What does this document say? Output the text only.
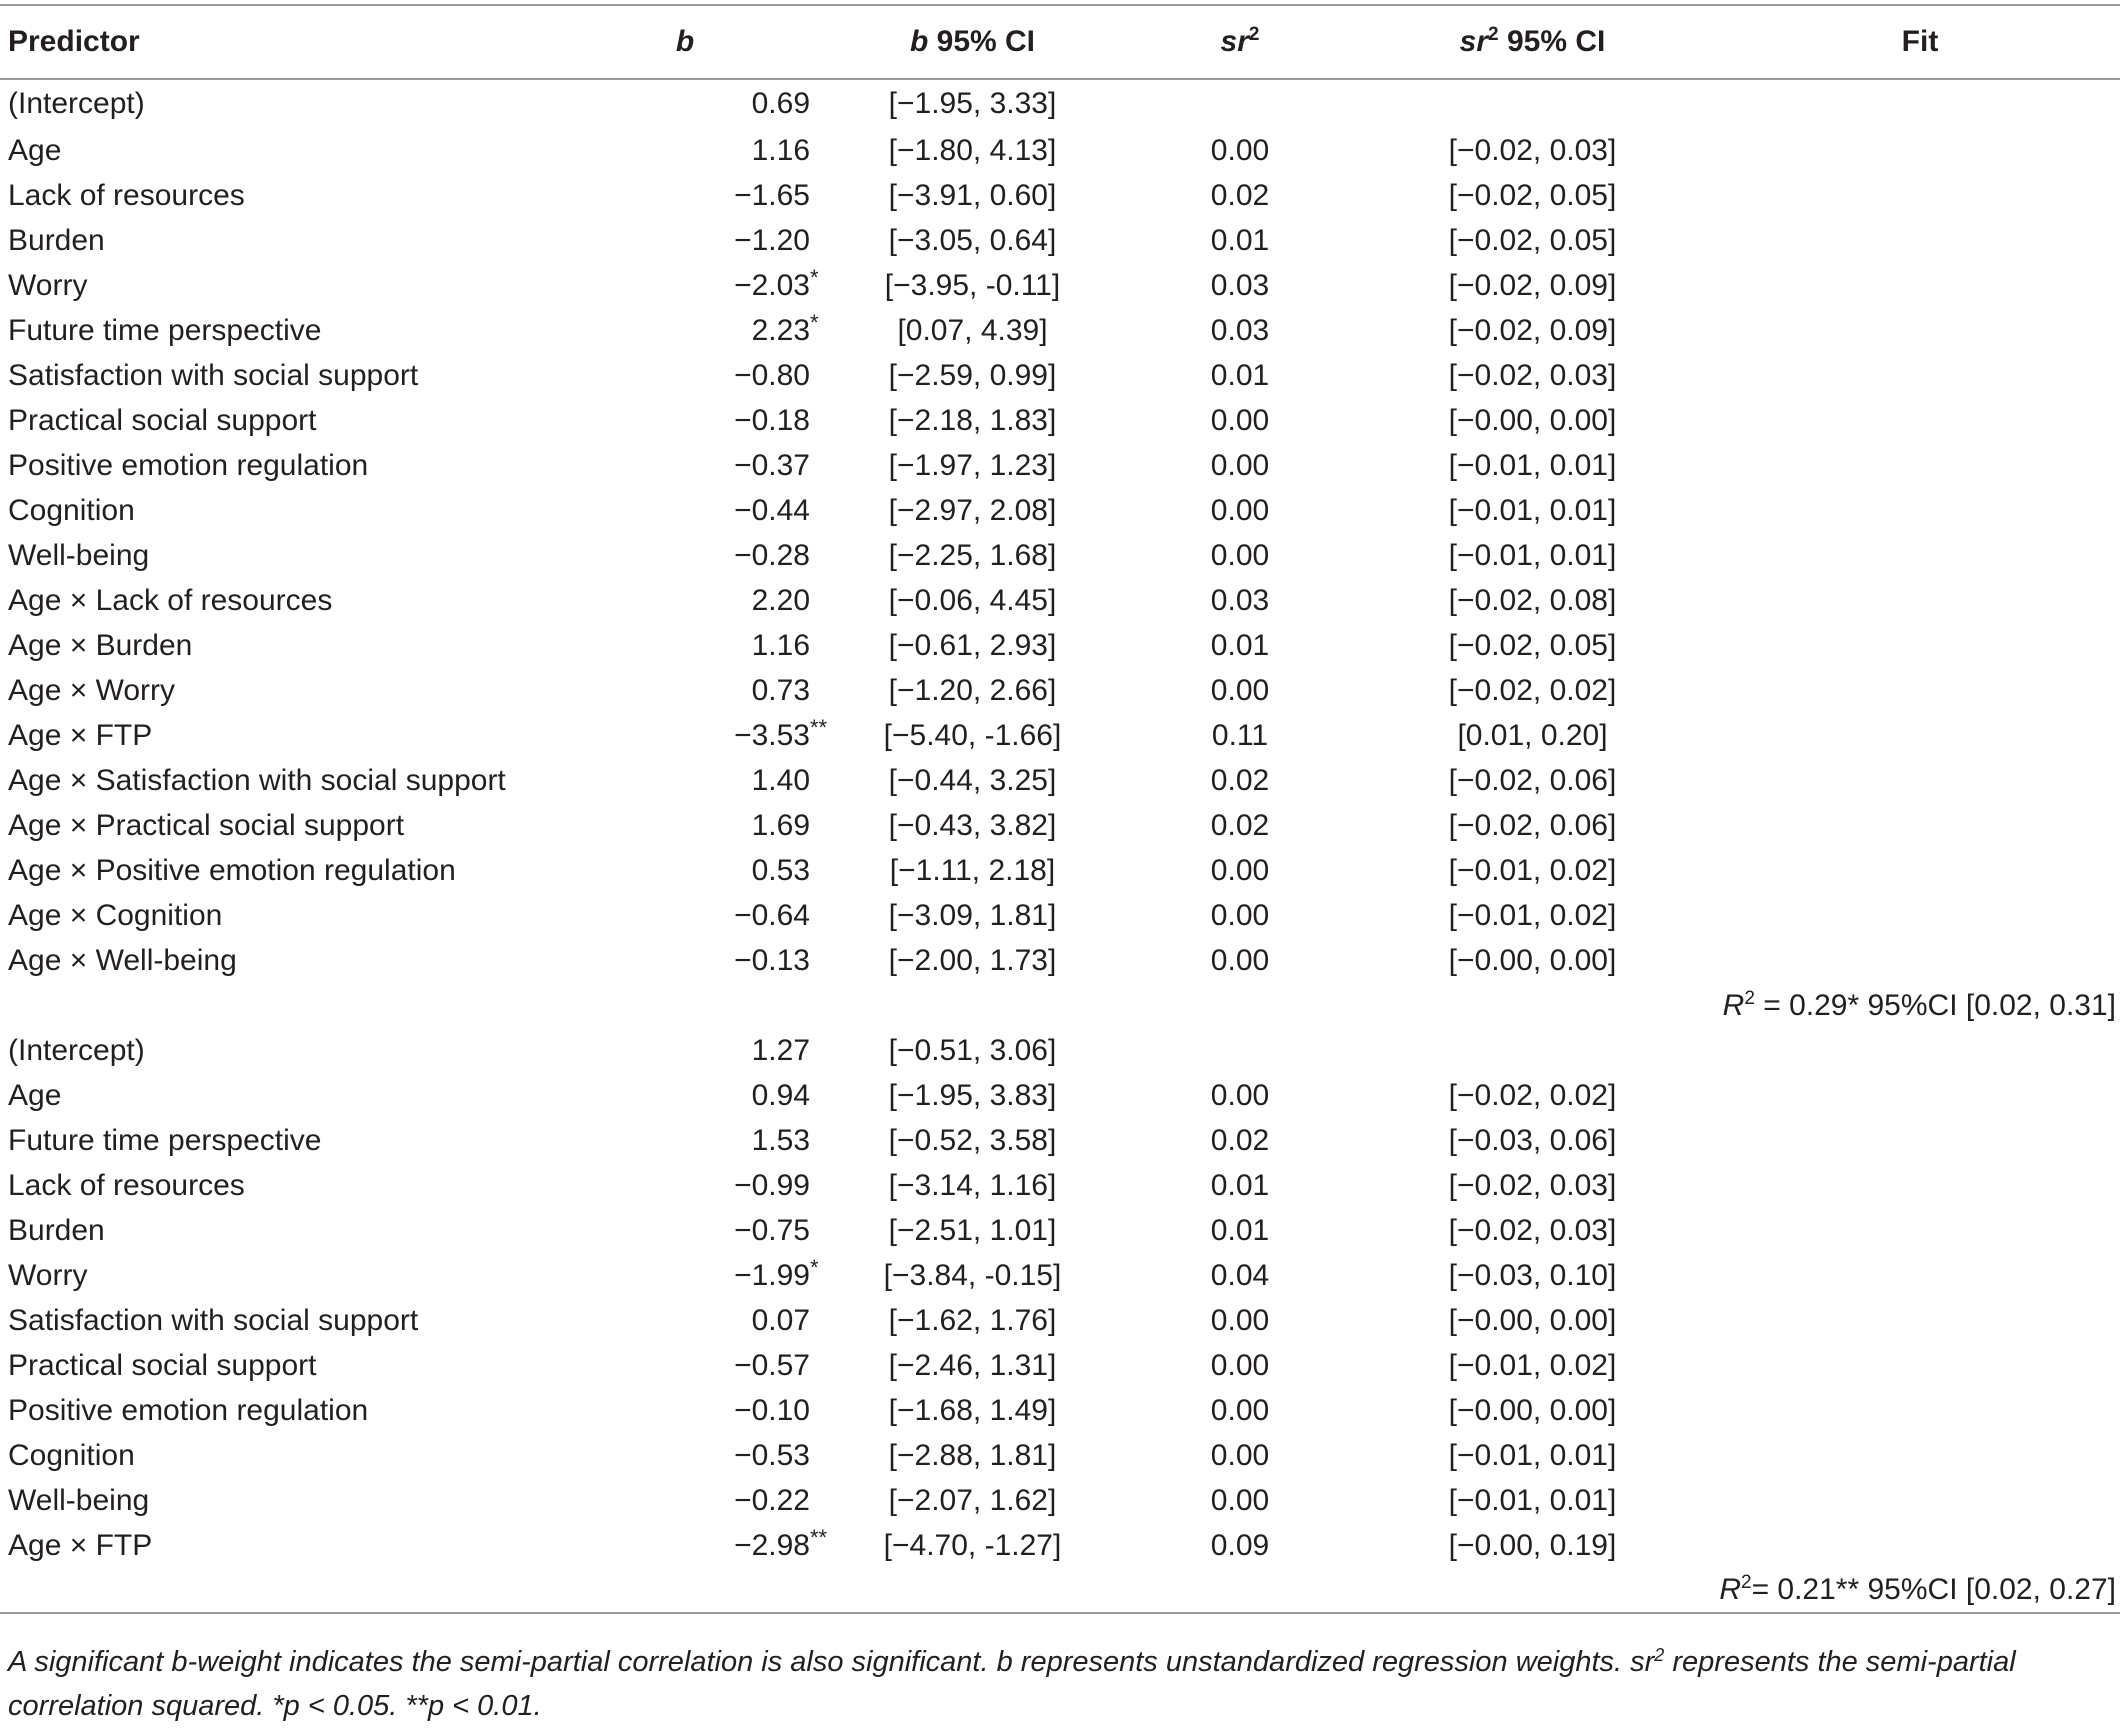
Predictor	b	b 95% CI	$sr^2$	$sr^2$ 95% CI	Fit
(Intercept)	0.69	[−1.95, 3.33]			
Age	1.16	[−1.80, 4.13]	0.00	[−0.02, 0.03]	
Lack of resources	−1.65	[−3.91, 0.60]	0.02	[−0.02, 0.05]	
Burden	−1.20	[−3.05, 0.64]	0.01	[−0.02, 0.05]	
Worry	−2.03 *	[−3.95, -0.11]	0.03	[−0.02, 0.09]	
Future time perspective	2.23 *	[0.07, 4.39]	0.03	[−0.02, 0.09]	
Satisfaction with social support	−0.80	[−2.59, 0.99]	0.01	[−0.02, 0.03]	
Practical social support	−0.18	[−2.18, 1.83]	0.00	[−0.00, 0.00]	
Positive emotion regulation	−0.37	[−1.97, 1.23]	0.00	[−0.01, 0.01]	
Cognition	−0.44	[−2.97, 2.08]	0.00	[−0.01, 0.01]	
Well-being	−0.28	[−2.25, 1.68]	0.00	[−0.01, 0.01]	
Age × Lack of resources	2.20	[−0.06, 4.45]	0.03	[−0.02, 0.08]	
Age × Burden	1.16	[−0.61, 2.93]	0.01	[−0.02, 0.05]	
Age × Worry	0.73	[−1.20, 2.66]	0.00	[−0.02, 0.02]	
Age × FTP	−3.53 **	[−5.40, -1.66]	0.11	[0.01, 0.20]	
Age × Satisfaction with social support	1.40	[−0.44, 3.25]	0.02	[−0.02, 0.06]	
Age × Practical social support	1.69	[−0.43, 3.82]	0.02	[−0.02, 0.06]	
Age × Positive emotion regulation	0.53	[−1.11, 2.18]	0.00	[−0.01, 0.02]	
Age × Cognition	−0.64	[−3.09, 1.81]	0.00	[−0.01, 0.02]	
Age × Well-being	−0.13	[−2.00, 1.73]	0.00	[−0.00, 0.00]	
$R^2 = 0.29*$ 95%CI [0.02, 0.31]					
(Intercept)	1.27	[−0.51, 3.06]			
Age	0.94	[−1.95, 3.83]	0.00	[−0.02, 0.02]	
Future time perspective	1.53	[−0.52, 3.58]	0.02	[−0.03, 0.06]	
Lack of resources	−0.99	[−3.14, 1.16]	0.01	[−0.02, 0.03]	
Burden	−0.75	[−2.51, 1.01]	0.01	[−0.02, 0.03]	
Worry	−1.99 *	[−3.84, -0.15]	0.04	[−0.03, 0.10]	
Satisfaction with social support	0.07	[−1.62, 1.76]	0.00	[−0.00, 0.00]	
Practical social support	−0.57	[−2.46, 1.31]	0.00	[−0.01, 0.02]	
Positive emotion regulation	−0.10	[−1.68, 1.49]	0.00	[−0.00, 0.00]	
Cognition	−0.53	[−2.88, 1.81]	0.00	[−0.01, 0.01]	
Well-being	−0.22	[−2.07, 1.62]	0.00	[−0.01, 0.01]	
Age × FTP	−2.98 **	[−4.70, -1.27]	0.09	[−0.00, 0.19]	
$R^2= 0.21**$ 95%CI [0.02, 0.27]					
A significant b-weight indicates the semi-partial correlation is also significant. b represents unstandardized regression weights. $sr^2$ represents the semi-partial correlation squared. *p < 0.05. **p < 0.01.
